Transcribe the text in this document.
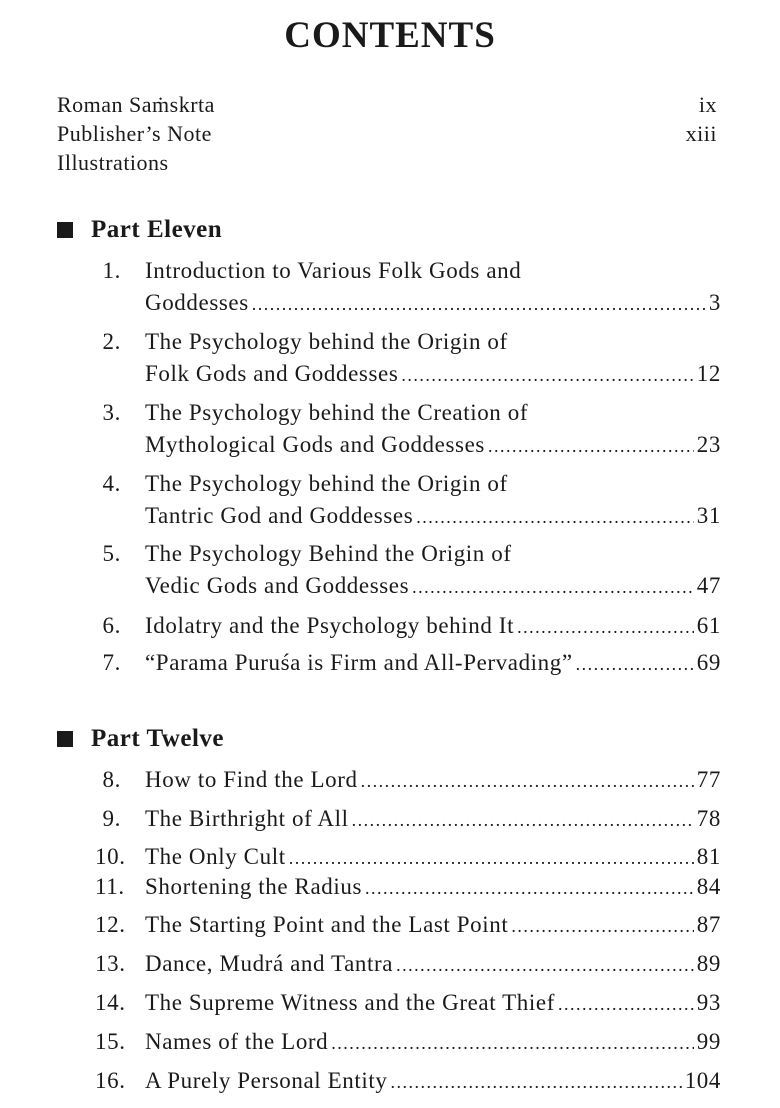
CONTENTS
Roman Saṁskrta	ix
Publisher’s Note	xiii
Illustrations
Part Eleven
1. Introduction to Various Folk Gods and
Goddesses .....	3
2. The Psychology behind the Origin of
Folk Gods and Goddesses .....	12
3. The Psychology behind the Creation of
Mythological Gods and Goddesses .....	23
4. The Psychology behind the Origin of
Tantric God and Goddesses .....	31
5. The Psychology Behind the Origin of
Vedic Gods and Goddesses .....	47
6. Idolatry and the Psychology behind It .....	61
7. “Parama Puruśa is Firm and All-Pervading” .....	69
Part Twelve
8. How to Find the Lord .....	77
9. The Birthright of All .....	78
10. The Only Cult .....	81
11. Shortening the Radius .....	84
12. The Starting Point and the Last Point .....	87
13. Dance, Mudrá and Tantra .....	89
14. The Supreme Witness and the Great Thief .....	93
15. Names of the Lord .....	99
16. A Purely Personal Entity .....	104
